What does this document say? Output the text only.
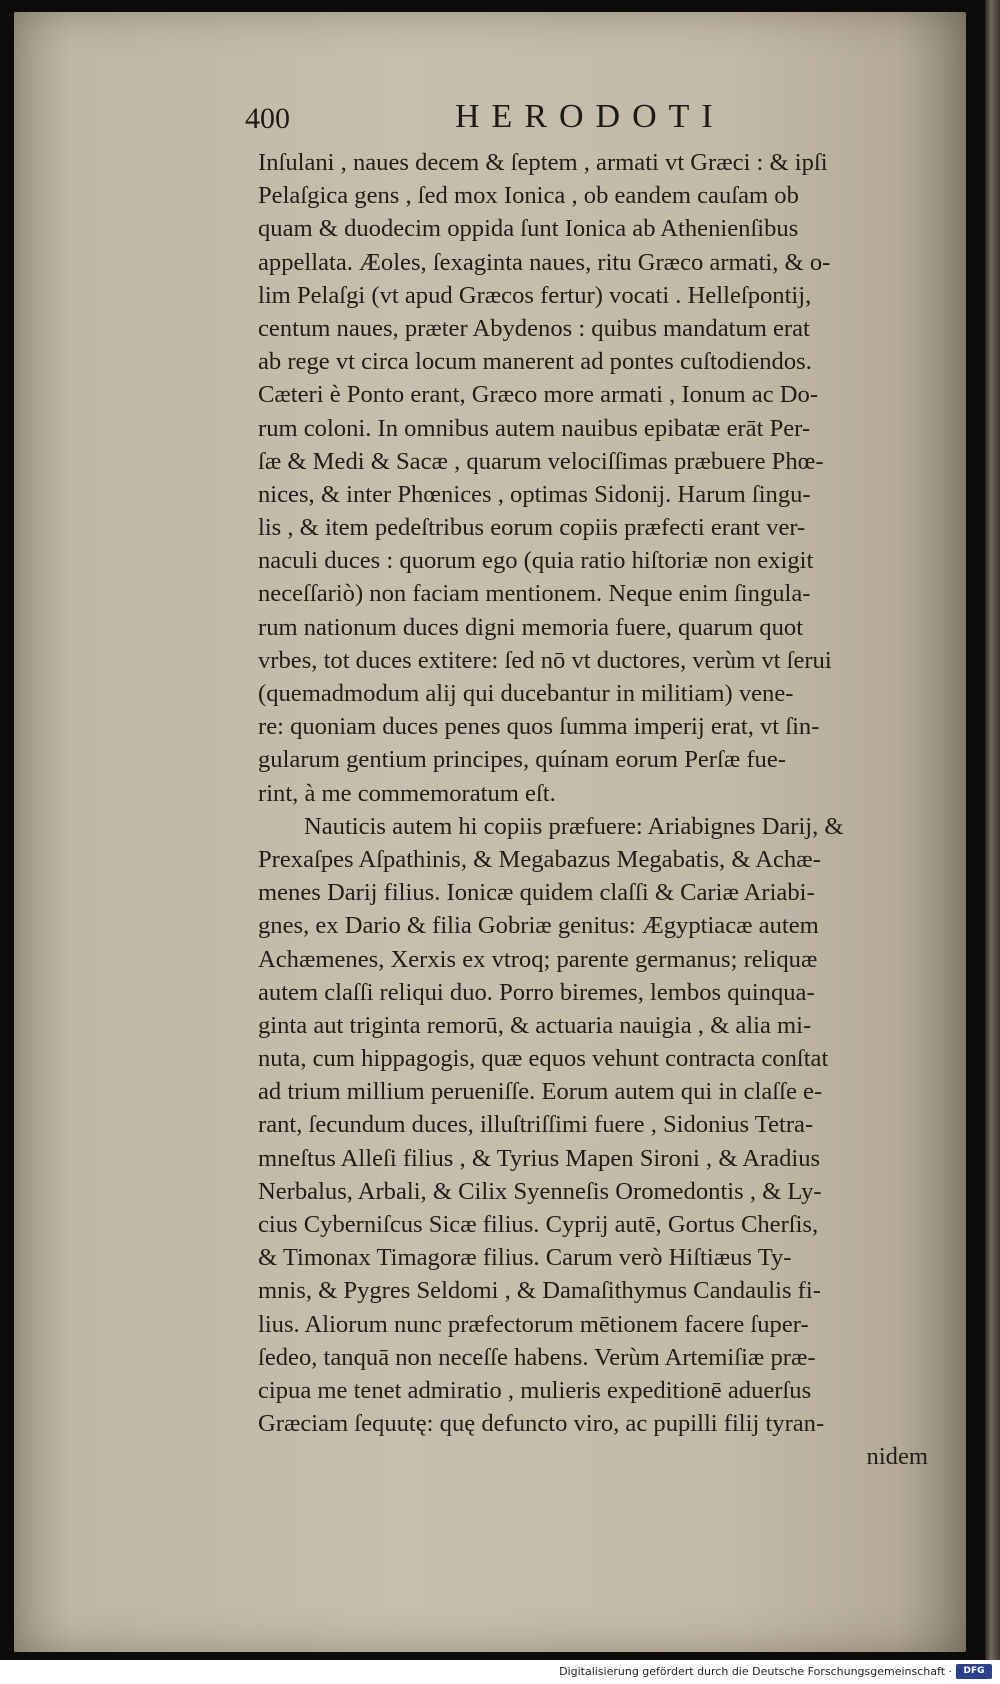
400	HERODOTI
Inſulani , naues decem & ſeptem , armati vt Græci : & ipſi
Pelaſgica gens , ſed mox Ionica , ob eandem cauſam ob
quam & duodecim oppida ſunt Ionica ab Athenienſibus
appellata. Æoles, ſexaginta naues, ritu Græco armati, & o-
lim Pelaſgi (vt apud Græcos fertur) vocati . Helleſpontij,
centum naues, præter Abydenos : quibus mandatum erat
ab rege vt circa locum manerent ad pontes cuſtodiendos.
Cæteri è Ponto erant, Græco more armati , Ionum ac Do-
rum coloni. In omnibus autem nauibus epibatæ erāt Per-
ſæ & Medi & Sacæ , quarum velociſſimas præbuere Phœ-
nices, & inter Phœnices , optimas Sidonij. Harum ſingu-
lis , & item pedeſtribus eorum copiis præfecti erant ver-
naculi duces : quorum ego (quia ratio hiſtoriæ non exigit
neceſſariò) non faciam mentionem. Neque enim ſingula-
rum nationum duces digni memoria fuere, quarum quot
vrbes, tot duces extitere: ſed nō vt ductores, verùm vt ſerui
(quemadmodum alij qui ducebantur in militiam) vene-
re: quoniam duces penes quos ſumma imperij erat, vt ſin-
gularum gentium principes, quínam eorum Perſæ fue-
rint, à me commemoratum eſt.
Nauticis autem hi copiis præfuere: Ariabignes Darij, &
Prexaſpes Aſpathinis, & Megabazus Megabatis, & Achæ-
menes Darij filius. Ionicæ quidem claſſi & Cariæ Ariabi-
gnes, ex Dario & filia Gobriæ genitus: Ægyptiacæ autem
Achæmenes, Xerxis ex vtroq; parente germanus; reliquæ
autem claſſi reliqui duo. Porro biremes, lembos quinqua-
ginta aut triginta remorū, & actuaria nauigia , & alia mi-
nuta, cum hippagogis, quæ equos vehunt contracta conſtat
ad trium millium perueniſſe. Eorum autem qui in claſſe e-
rant, ſecundum duces, illuſtriſſimi fuere , Sidonius Tetra-
mneſtus Alleſi filius , & Tyrius Mapen Sironi , & Aradius
Nerbalus, Arbali, & Cilix Syenneſis Oromedontis , & Ly-
cius Cyberniſcus Sicæ filius. Cyprij autē, Gortus Cherſis,
& Timonax Timagoræ filius. Carum verò Hiſtiæus Ty-
mnis, & Pygres Seldomi , & Damaſithymus Candaulis fi-
lius. Aliorum nunc præfectorum mētionem facere ſuper-
ſedeo, tanquā non neceſſe habens. Verùm Artemiſiæ præ-
cipua me tenet admiratio , mulieris expeditionē aduerſus
Græciam ſequutę: quę defuncto viro, ac pupilli filij tyran-
nidem
Digitalisierung gefördert durch die Deutsche Forschungsgemeinschaft ·	DFG
